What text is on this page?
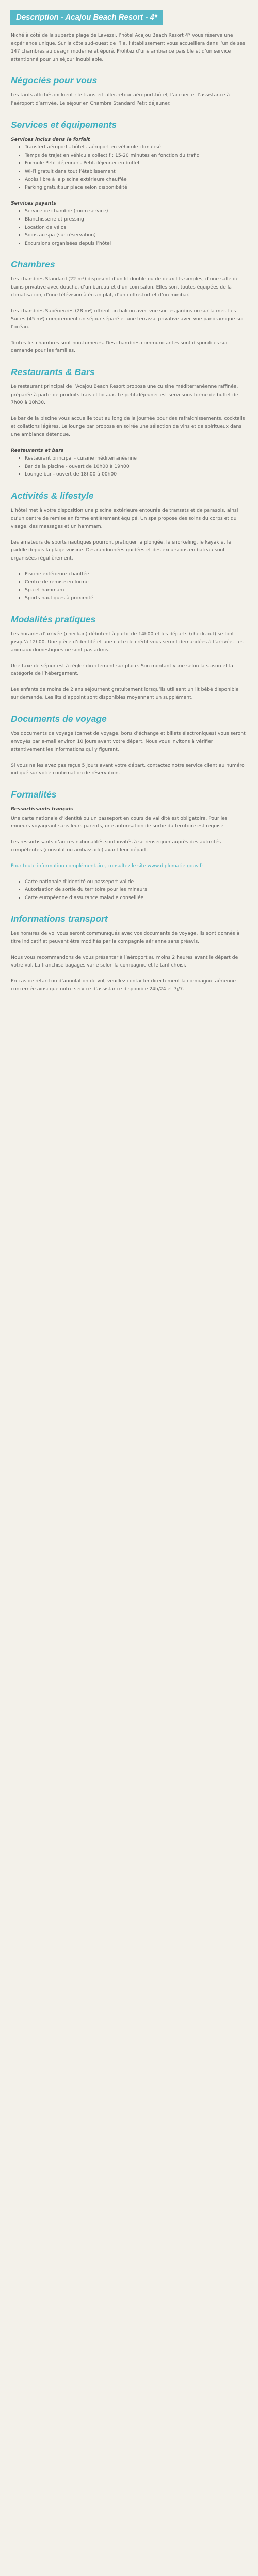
Description - Acajou Beach Resort - 4*

Niché à côté de la superbe plage de Lavezzi, l’hôtel Acajou Beach Resort 4* vous réserve une expérience unique. Sur la côte sud-ouest de l’île, l’établissement vous accueillera dans l’un de ses 147 chambres au design moderne et épuré. Profitez d’une ambiance paisible et d’un service attentionné pour un séjour inoubliable.

Négociés pour vous

Les tarifs affichés incluent : le transfert aller-retour aéroport-hôtel, l’accueil et l’assistance à l’aéroport d’arrivée. Le séjour en Chambre Standard Petit déjeuner.

Services et équipements
Services inclus dans le forfait
• Transfert aéroport - hôtel - aéroport en véhicule climatisé
• Temps de trajet en véhicule collectif : 15-20 minutes en fonction du trafic
• Formule Petit déjeuner - Petit-déjeuner en buffet
• Wi-Fi gratuit dans tout l’établissement
• Accès libre à la piscine extérieure chauffée
• Parking gratuit sur place selon disponibilité
Services payants
• Service de chambre (room service)
• Blanchisserie et pressing
• Location de vélos
• Soins au spa (sur réservation)
• Excursions organisées depuis l’hôtel
Chambres

Les chambres Standard (22 m²) disposent d’un lit double ou de deux lits simples, d’une salle de bains privative avec douche, d’un bureau et d’un coin salon. Elles sont toutes équipées de la climatisation, d’une télévision à écran plat, d’un coffre-fort et d’un minibar.

Les chambres Supérieures (28 m²) offrent un balcon avec vue sur les jardins ou sur la mer. Les Suites (45 m²) comprennent un séjour séparé et une terrasse privative avec vue panoramique sur l’océan.

Toutes les chambres sont non-fumeurs. Des chambres communicantes sont disponibles sur demande pour les familles.

Restaurants & Bars

Le restaurant principal de l’Acajou Beach Resort propose une cuisine méditerranéenne raffinée, préparée à partir de produits frais et locaux. Le petit-déjeuner est servi sous forme de buffet de 7h00 à 10h30.

Le bar de la piscine vous accueille tout au long de la journée pour des rafraîchissements, cocktails et collations légères. Le lounge bar propose en soirée une sélection de vins et de spiritueux dans une ambiance détendue.

Restaurants et bars
• Restaurant principal - cuisine méditerranéenne
• Bar de la piscine - ouvert de 10h00 à 19h00
• Lounge bar - ouvert de 18h00 à 00h00
Activités & lifestyle

L’hôtel met à votre disposition une piscine extérieure entourée de transats et de parasols, ainsi qu’un centre de remise en forme entièrement équipé. Un spa propose des soins du corps et du visage, des massages et un hammam.

Les amateurs de sports nautiques pourront pratiquer la plongée, le snorkeling, le kayak et le paddle depuis la plage voisine. Des randonnées guidées et des excursions en bateau sont organisées régulièrement.

• Piscine extérieure chauffée
• Centre de remise en forme
• Spa et hammam
• Sports nautiques à proximité
Modalités pratiques

Les horaires d’arrivée (check-in) débutent à partir de 14h00 et les départs (check-out) se font jusqu’à 12h00. Une pièce d’identité et une carte de crédit vous seront demandées à l’arrivée. Les animaux domestiques ne sont pas admis.

Une taxe de séjour est à régler directement sur place. Son montant varie selon la saison et la catégorie de l’hébergement.

Les enfants de moins de 2 ans séjournent gratuitement lorsqu’ils utilisent un lit bébé disponible sur demande. Les lits d’appoint sont disponibles moyennant un supplément.

Documents de voyage

Vos documents de voyage (carnet de voyage, bons d’échange et billets électroniques) vous seront envoyés par e-mail environ 10 jours avant votre départ. Nous vous invitons à vérifier attentivement les informations qui y figurent.

Si vous ne les avez pas reçus 5 jours avant votre départ, contactez notre service client au numéro indiqué sur votre confirmation de réservation.

Formalités
Ressortissants français

Une carte nationale d’identité ou un passeport en cours de validité est obligatoire. Pour les mineurs voyageant sans leurs parents, une autorisation de sortie du territoire est requise.

Les ressortissants d’autres nationalités sont invités à se renseigner auprès des autorités compétentes (consulat ou ambassade) avant leur départ.

Pour toute information complémentaire, consultez le site www.diplomatie.gouv.fr

• Carte nationale d’identité ou passeport valide
• Autorisation de sortie du territoire pour les mineurs
• Carte européenne d’assurance maladie conseillée
Informations transport

Les horaires de vol vous seront communiqués avec vos documents de voyage. Ils sont donnés à titre indicatif et peuvent être modifiés par la compagnie aérienne sans préavis.

Nous vous recommandons de vous présenter à l’aéroport au moins 2 heures avant le départ de votre vol. La franchise bagages varie selon la compagnie et le tarif choisi.

En cas de retard ou d’annulation de vol, veuillez contacter directement la compagnie aérienne concernée ainsi que notre service d’assistance disponible 24h/24 et 7j/7.
